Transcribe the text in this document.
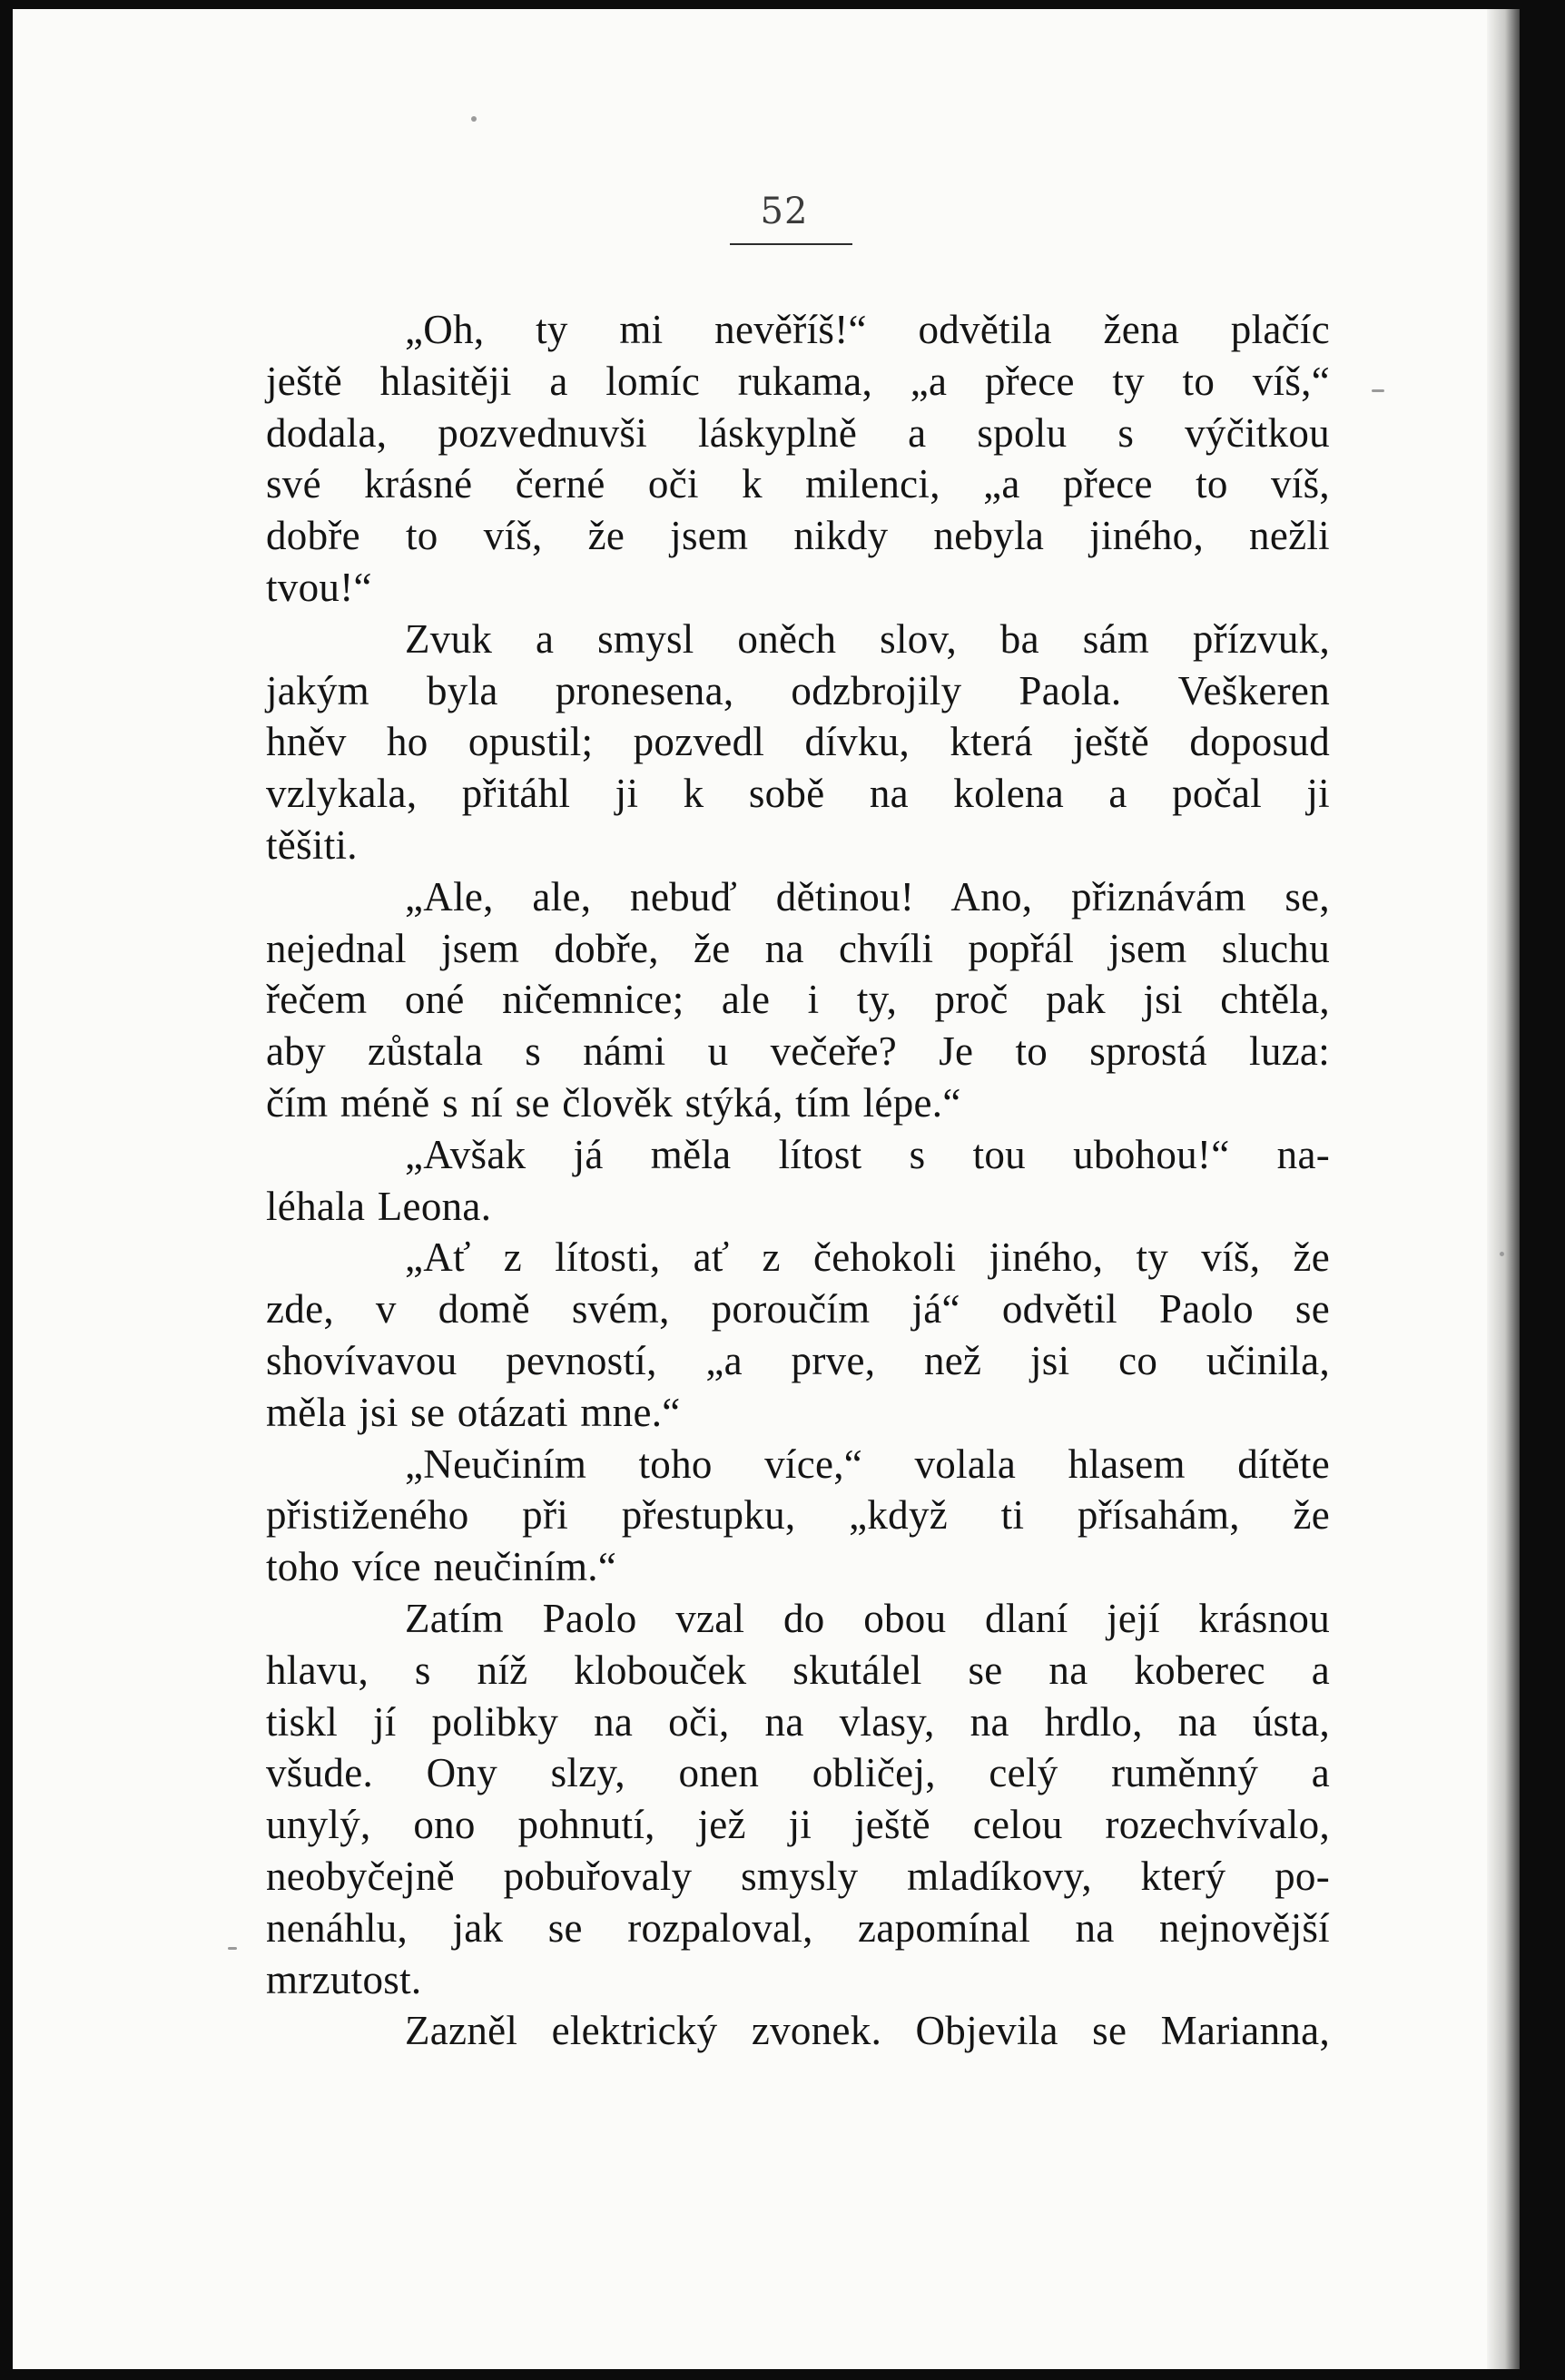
52
„Oh, ty mi nevěříš!“ odvětila žena plačíc
ještě hlasitěji a lomíc rukama, „a přece ty to víš,“
dodala, pozvednuvši láskyplně a spolu s výčitkou
své krásné černé oči k milenci, „a přece to víš,
dobře to víš, že jsem nikdy nebyla jiného, nežli
tvou!“
Zvuk a smysl oněch slov, ba sám přízvuk,
jakým byla pronesena, odzbrojily Paola. Veškeren
hněv ho opustil; pozvedl dívku, která ještě doposud
vzlykala, přitáhl ji k sobě na kolena a počal ji
těšiti.
„Ale, ale, nebuď dětinou! Ano, přiznávám se,
nejednal jsem dobře, že na chvíli popřál jsem sluchu
řečem oné ničemnice; ale i ty, proč pak jsi chtěla,
aby zůstala s námi u večeře? Je to sprostá luza:
čím méně s ní se člověk stýká, tím lépe.“
„Avšak já měla lítost s tou ubohou!“ na-
léhala Leona.
„Ať z lítosti, ať z čehokoli jiného, ty víš, že
zde, v domě svém, poroučím já“ odvětil Paolo se
shovívavou pevností, „a prve, než jsi co učinila,
měla jsi se otázati mne.“
„Neučiním toho více,“ volala hlasem dítěte
přistiženého při přestupku, „když ti přísahám, že
toho více neučiním.“
Zatím Paolo vzal do obou dlaní její krásnou
hlavu, s níž klobouček skutálel se na koberec a
tiskl jí polibky na oči, na vlasy, na hrdlo, na ústa,
všude. Ony slzy, onen obličej, celý ruměnný a
unylý, ono pohnutí, jež ji ještě celou rozechvívalo,
neobyčejně pobuřovaly smysly mladíkovy, který po-
nenáhlu, jak se rozpaloval, zapomínal na nejnovější
mrzutost.
Zazněl elektrický zvonek. Objevila se Marianna,
